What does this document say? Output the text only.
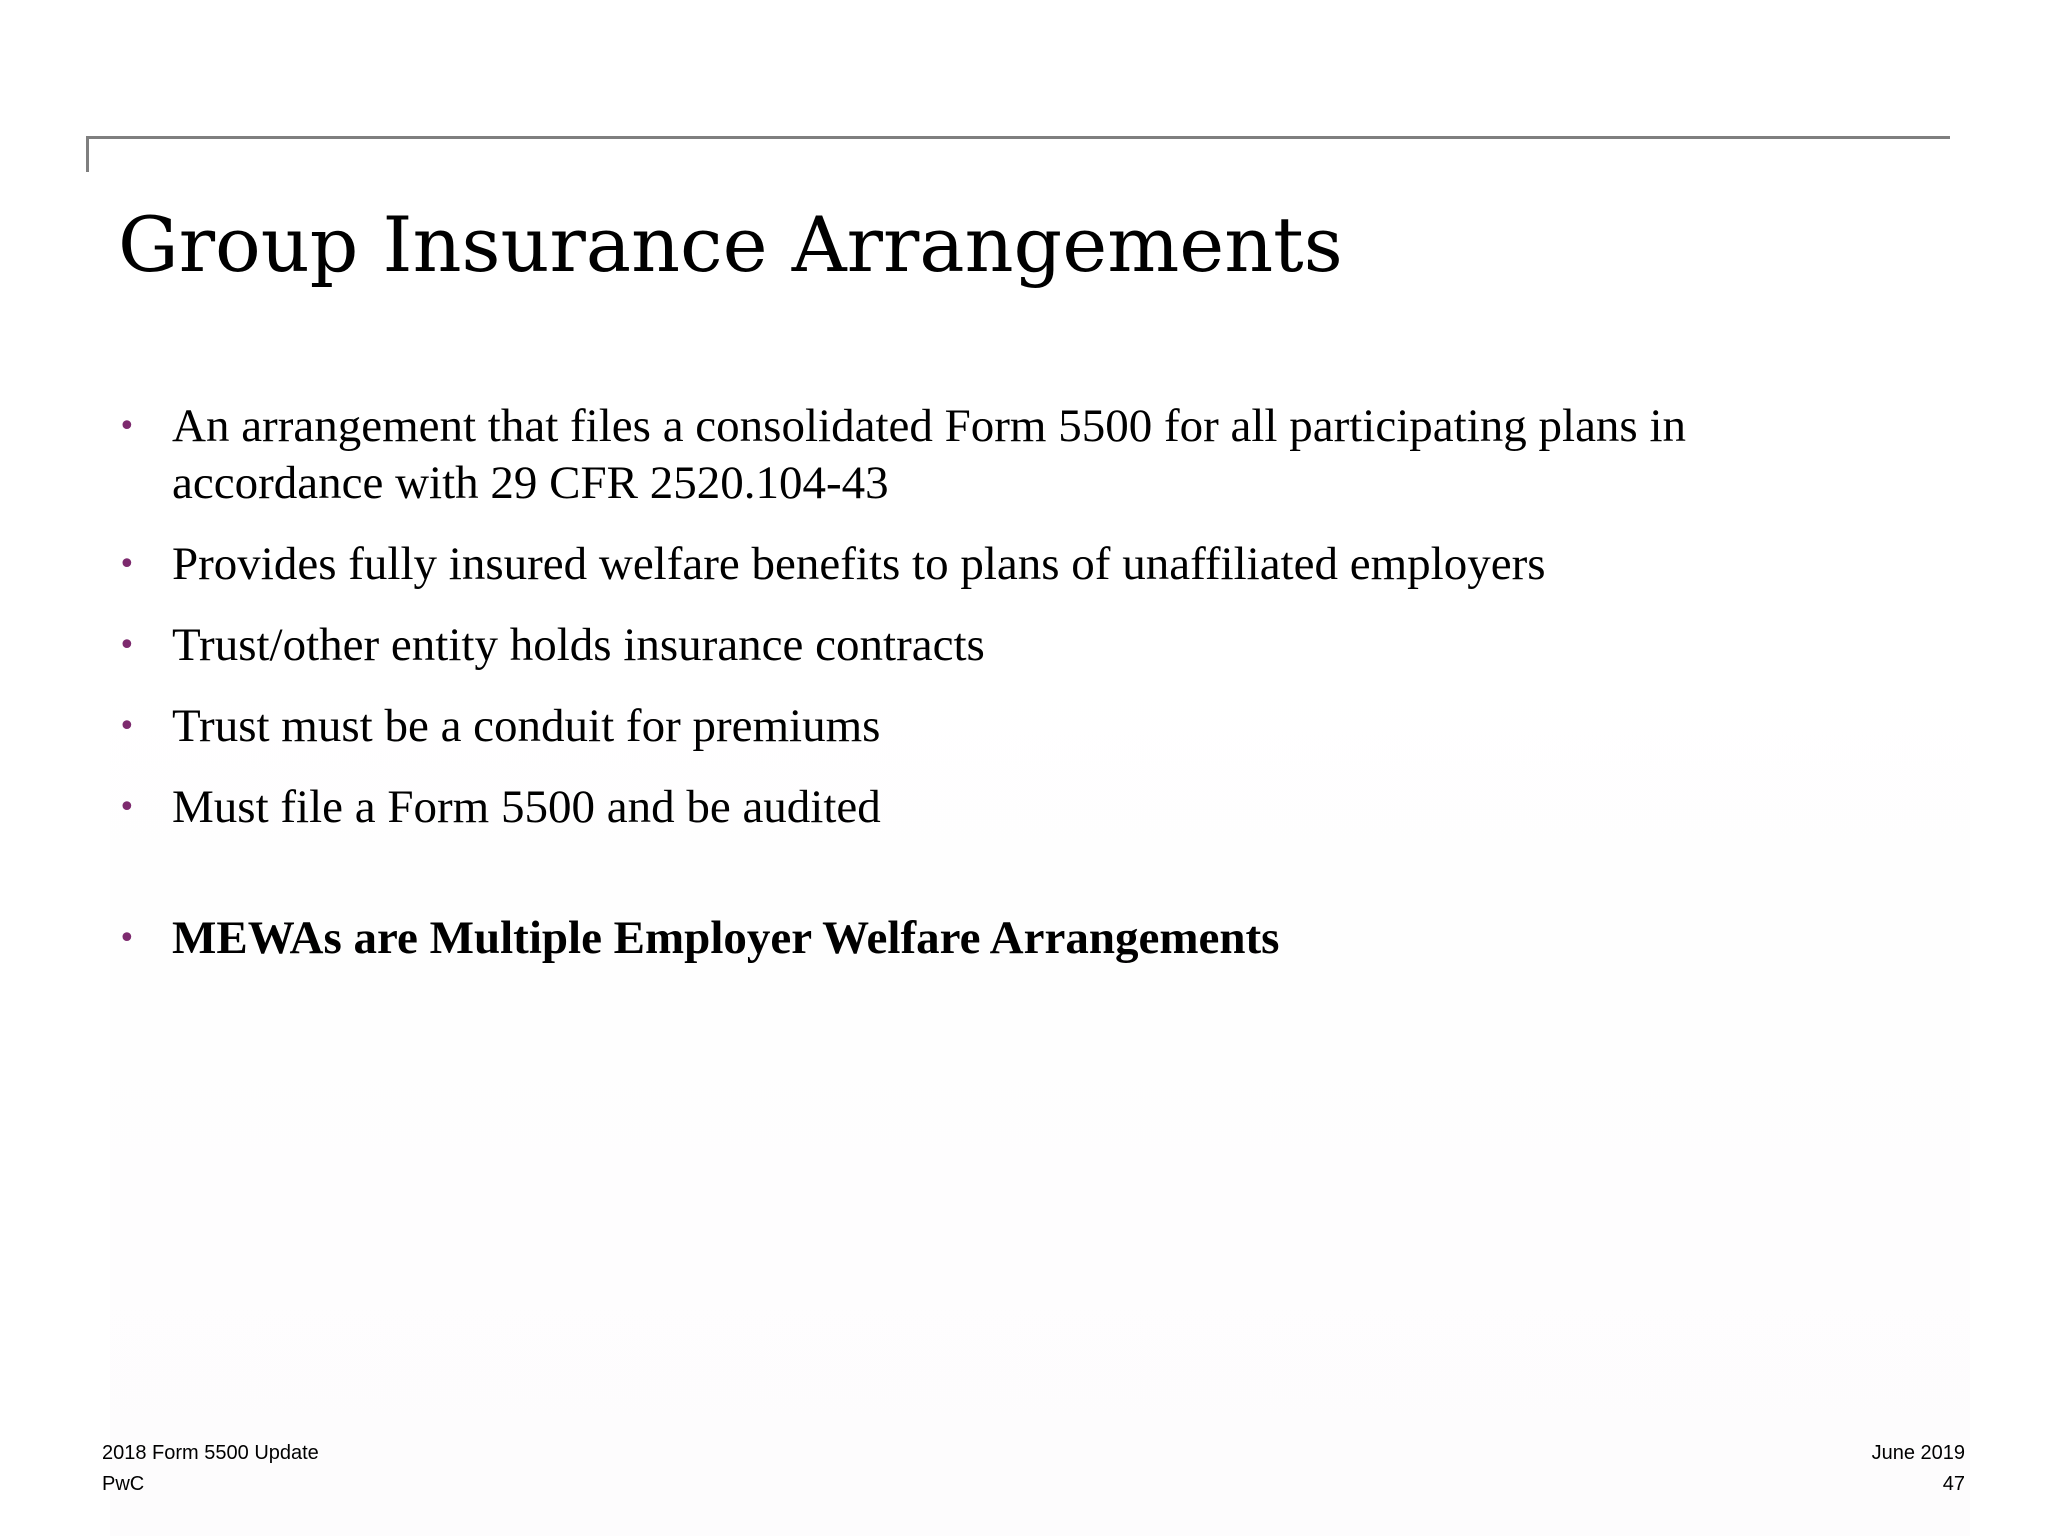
Group Insurance Arrangements
• An arrangement that files a consolidated Form 5500 for all participating plans in accordance with 29 CFR 2520.104-43
• Provides fully insured welfare benefits to plans of unaffiliated employers
• Trust/other entity holds insurance contracts
• Trust must be a conduit for premiums
• Must file a Form 5500 and be audited
• MEWAs are Multiple Employer Welfare Arrangements
2018 Form 5500 Update
PwC
June 2019
47
